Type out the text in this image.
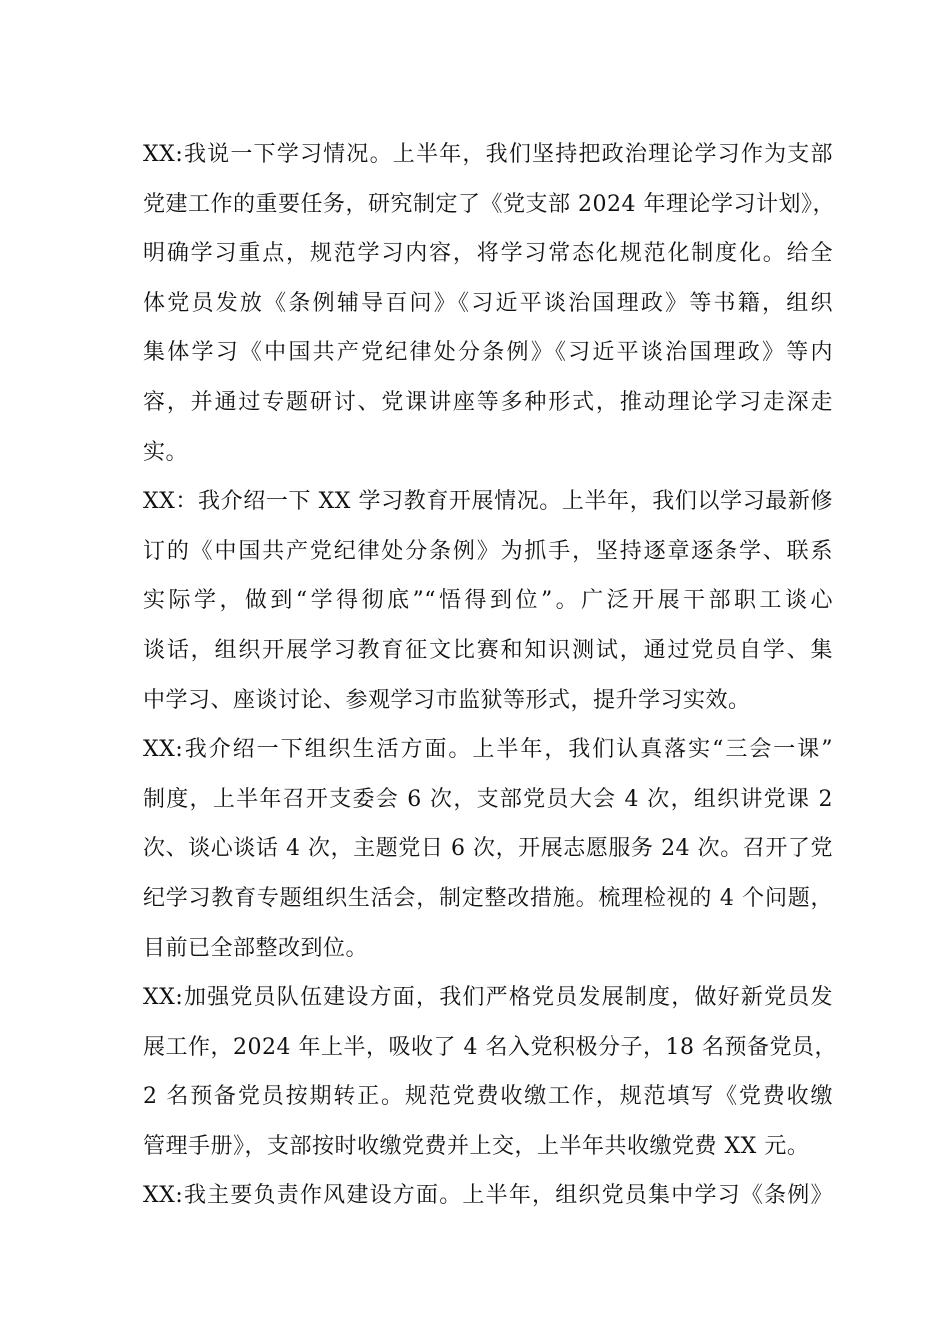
XX:我说一下学习情况。上半年，我们坚持把政治理论学习作为支部
党建工作的重要任务，研究制定了《党支部 2024 年理论学习计划》，
明确学习重点，规范学习内容，将学习常态化规范化制度化。给全
体党员发放《条例辅导百问》《习近平谈治国理政》等书籍，组织
集体学习《中国共产党纪律处分条例》《习近平谈治国理政》等内
容，并通过专题研讨、党课讲座等多种形式，推动理论学习走深走
实。
XX：我介绍一下 XX 学习教育开展情况。上半年，我们以学习最新修
订的《中国共产党纪律处分条例》为抓手，坚持逐章逐条学、联系
实际学，做到“学得彻底”“悟得到位”。广泛开展干部职工谈心
谈话，组织开展学习教育征文比赛和知识测试，通过党员自学、集
中学习、座谈讨论、参观学习市监狱等形式，提升学习实效。
XX:我介绍一下组织生活方面。上半年，我们认真落实“三会一课”
制度，上半年召开支委会 6 次，支部党员大会 4 次，组织讲党课 2
次、谈心谈话 4 次，主题党日 6 次，开展志愿服务 24 次。召开了党
纪学习教育专题组织生活会，制定整改措施。梳理检视的 4 个问题，
目前已全部整改到位。
XX:加强党员队伍建设方面，我们严格党员发展制度，做好新党员发
展工作，2024 年上半，吸收了 4 名入党积极分子，18 名预备党员，
2 名预备党员按期转正。规范党费收缴工作，规范填写《党费收缴
管理手册》，支部按时收缴党费并上交，上半年共收缴党费 XX 元。
XX:我主要负责作风建设方面。上半年，组织党员集中学习《条例》
